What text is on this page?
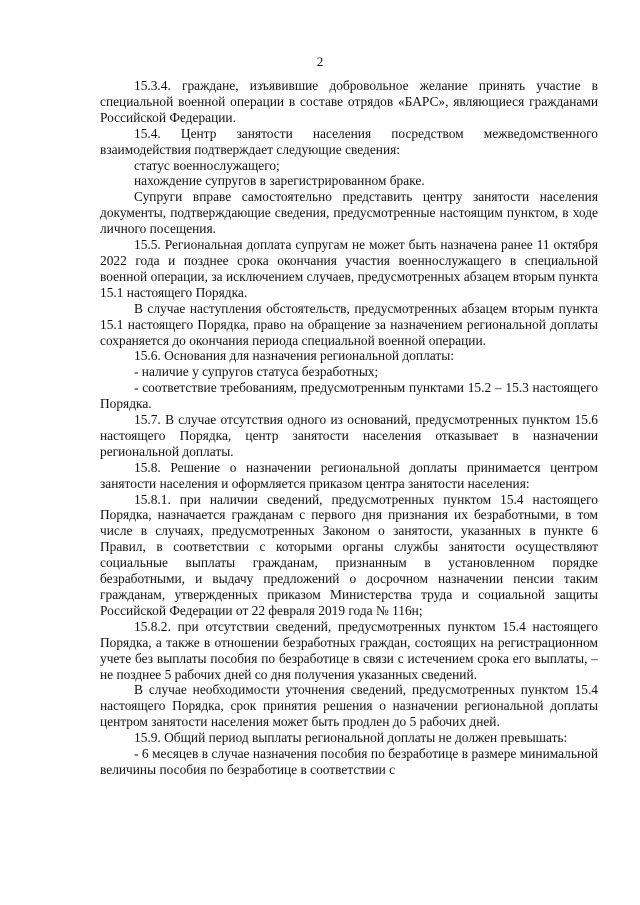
2

15.3.4. граждане, изъявившие добровольное желание принять участие в специальной военной операции в составе отрядов «БАРС», являющиеся гражданами Российской Федерации.

15.4. Центр занятости населения посредством межведомственного взаимодействия подтверждает следующие сведения:

статус военнослужащего;

нахождение супругов в зарегистрированном браке.

Супруги вправе самостоятельно представить центру занятости населения документы, подтверждающие сведения, предусмотренные настоящим пунктом, в ходе личного посещения.

15.5. Региональная доплата супругам не может быть назначена ранее 11 октября 2022 года и позднее срока окончания участия военнослужащего в специальной военной операции, за исключением случаев, предусмотренных абзацем вторым пункта 15.1 настоящего Порядка.

В случае наступления обстоятельств, предусмотренных абзацем вторым пункта 15.1 настоящего Порядка, право на обращение за назначением региональной доплаты сохраняется до окончания периода специальной военной операции.

15.6. Основания для назначения региональной доплаты:

- наличие у супругов статуса безработных;

- соответствие требованиям, предусмотренным пунктами 15.2 – 15.3 настоящего Порядка.

15.7. В случае отсутствия одного из оснований, предусмотренных пунктом 15.6 настоящего Порядка, центр занятости населения отказывает в назначении региональной доплаты.

15.8. Решение о назначении региональной доплаты принимается центром занятости населения и оформляется приказом центра занятости населения:

15.8.1. при наличии сведений, предусмотренных пунктом 15.4 настоящего Порядка, назначается гражданам с первого дня признания их безработными, в том числе в случаях, предусмотренных Законом о занятости, указанных в пункте 6 Правил, в соответствии с которыми органы службы занятости осуществляют социальные выплаты гражданам, признанным в установленном порядке безработными, и выдачу предложений о досрочном назначении пенсии таким гражданам, утвержденных приказом Министерства труда и социальной защиты Российской Федерации от 22 февраля 2019 года № 116н;

15.8.2. при отсутствии сведений, предусмотренных пунктом 15.4 настоящего Порядка, а также в отношении безработных граждан, состоящих на регистрационном учете без выплаты пособия по безработице в связи с истечением срока его выплаты, – не позднее 5 рабочих дней со дня получения указанных сведений.

В случае необходимости уточнения сведений, предусмотренных пунктом 15.4 настоящего Порядка, срок принятия решения о назначении региональной доплаты центром занятости населения может быть продлен до 5 рабочих дней.

15.9. Общий период выплаты региональной доплаты не должен превышать:

- 6 месяцев в случае назначения пособия по безработице в размере минимальной величины пособия по безработице в соответствии с
